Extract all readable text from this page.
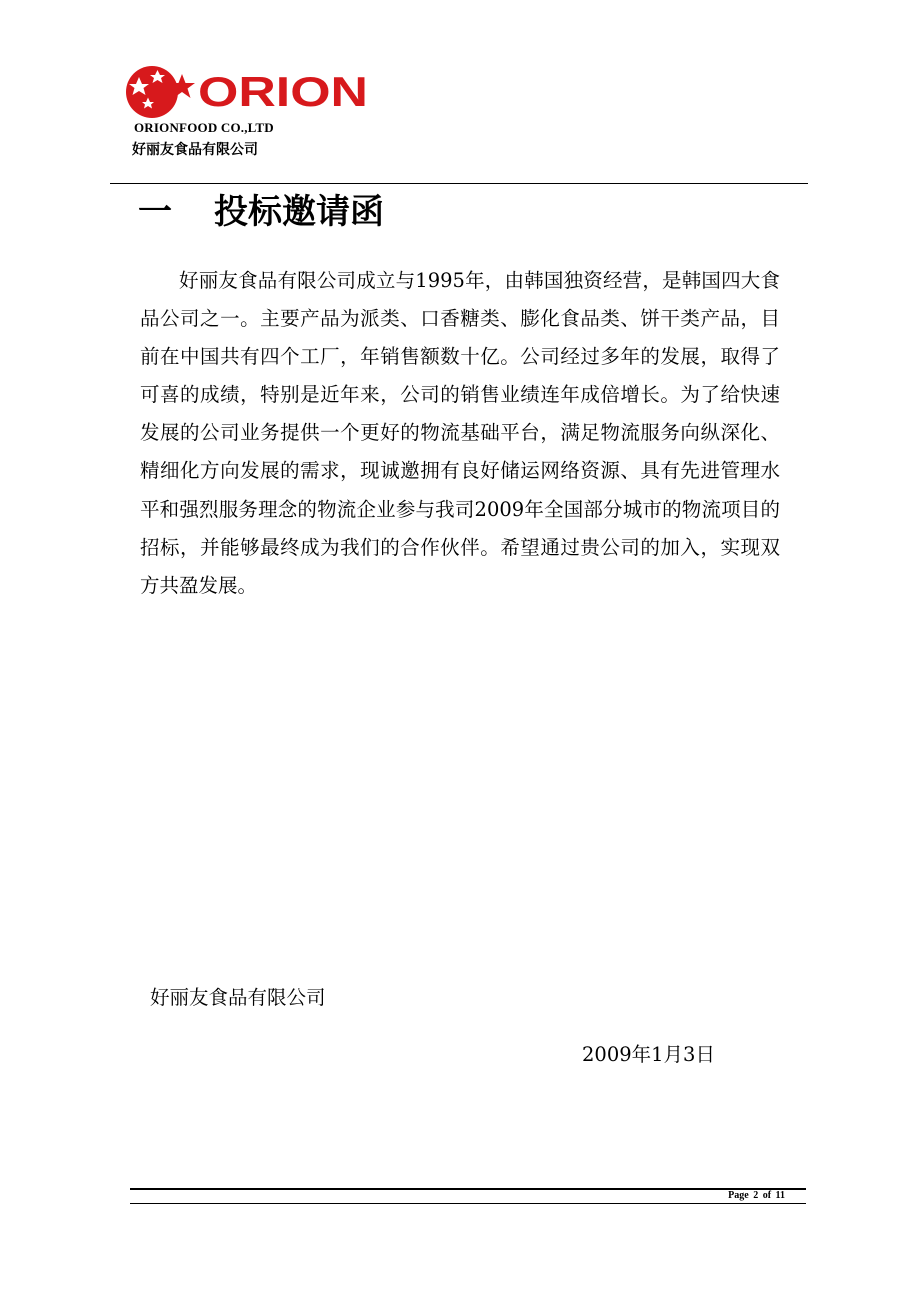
ORION
ORIONFOOD CO.,LTD
好丽友食品有限公司
一 投标邀请函

好丽友食品有限公司成立与1995年，由韩国独资经营，是韩国四大食品公司之一。主要产品为派类、口香糖类、膨化食品类、饼干类产品，目前在中国共有四个工厂，年销售额数十亿。公司经过多年的发展，取得了可喜的成绩，特别是近年来，公司的销售业绩连年成倍增长。为了给快速发展的公司业务提供一个更好的物流基础平台，满足物流服务向纵深化、精细化方向发展的需求，现诚邀拥有良好储运网络资源、具有先进管理水平和强烈服务理念的物流企业参与我司2009年全国部分城市的物流项目的招标，并能够最终成为我们的合作伙伴。希望通过贵公司的加入，实现双方共盈发展。

好丽友食品有限公司
2009年1月3日
Page 2 of 11
